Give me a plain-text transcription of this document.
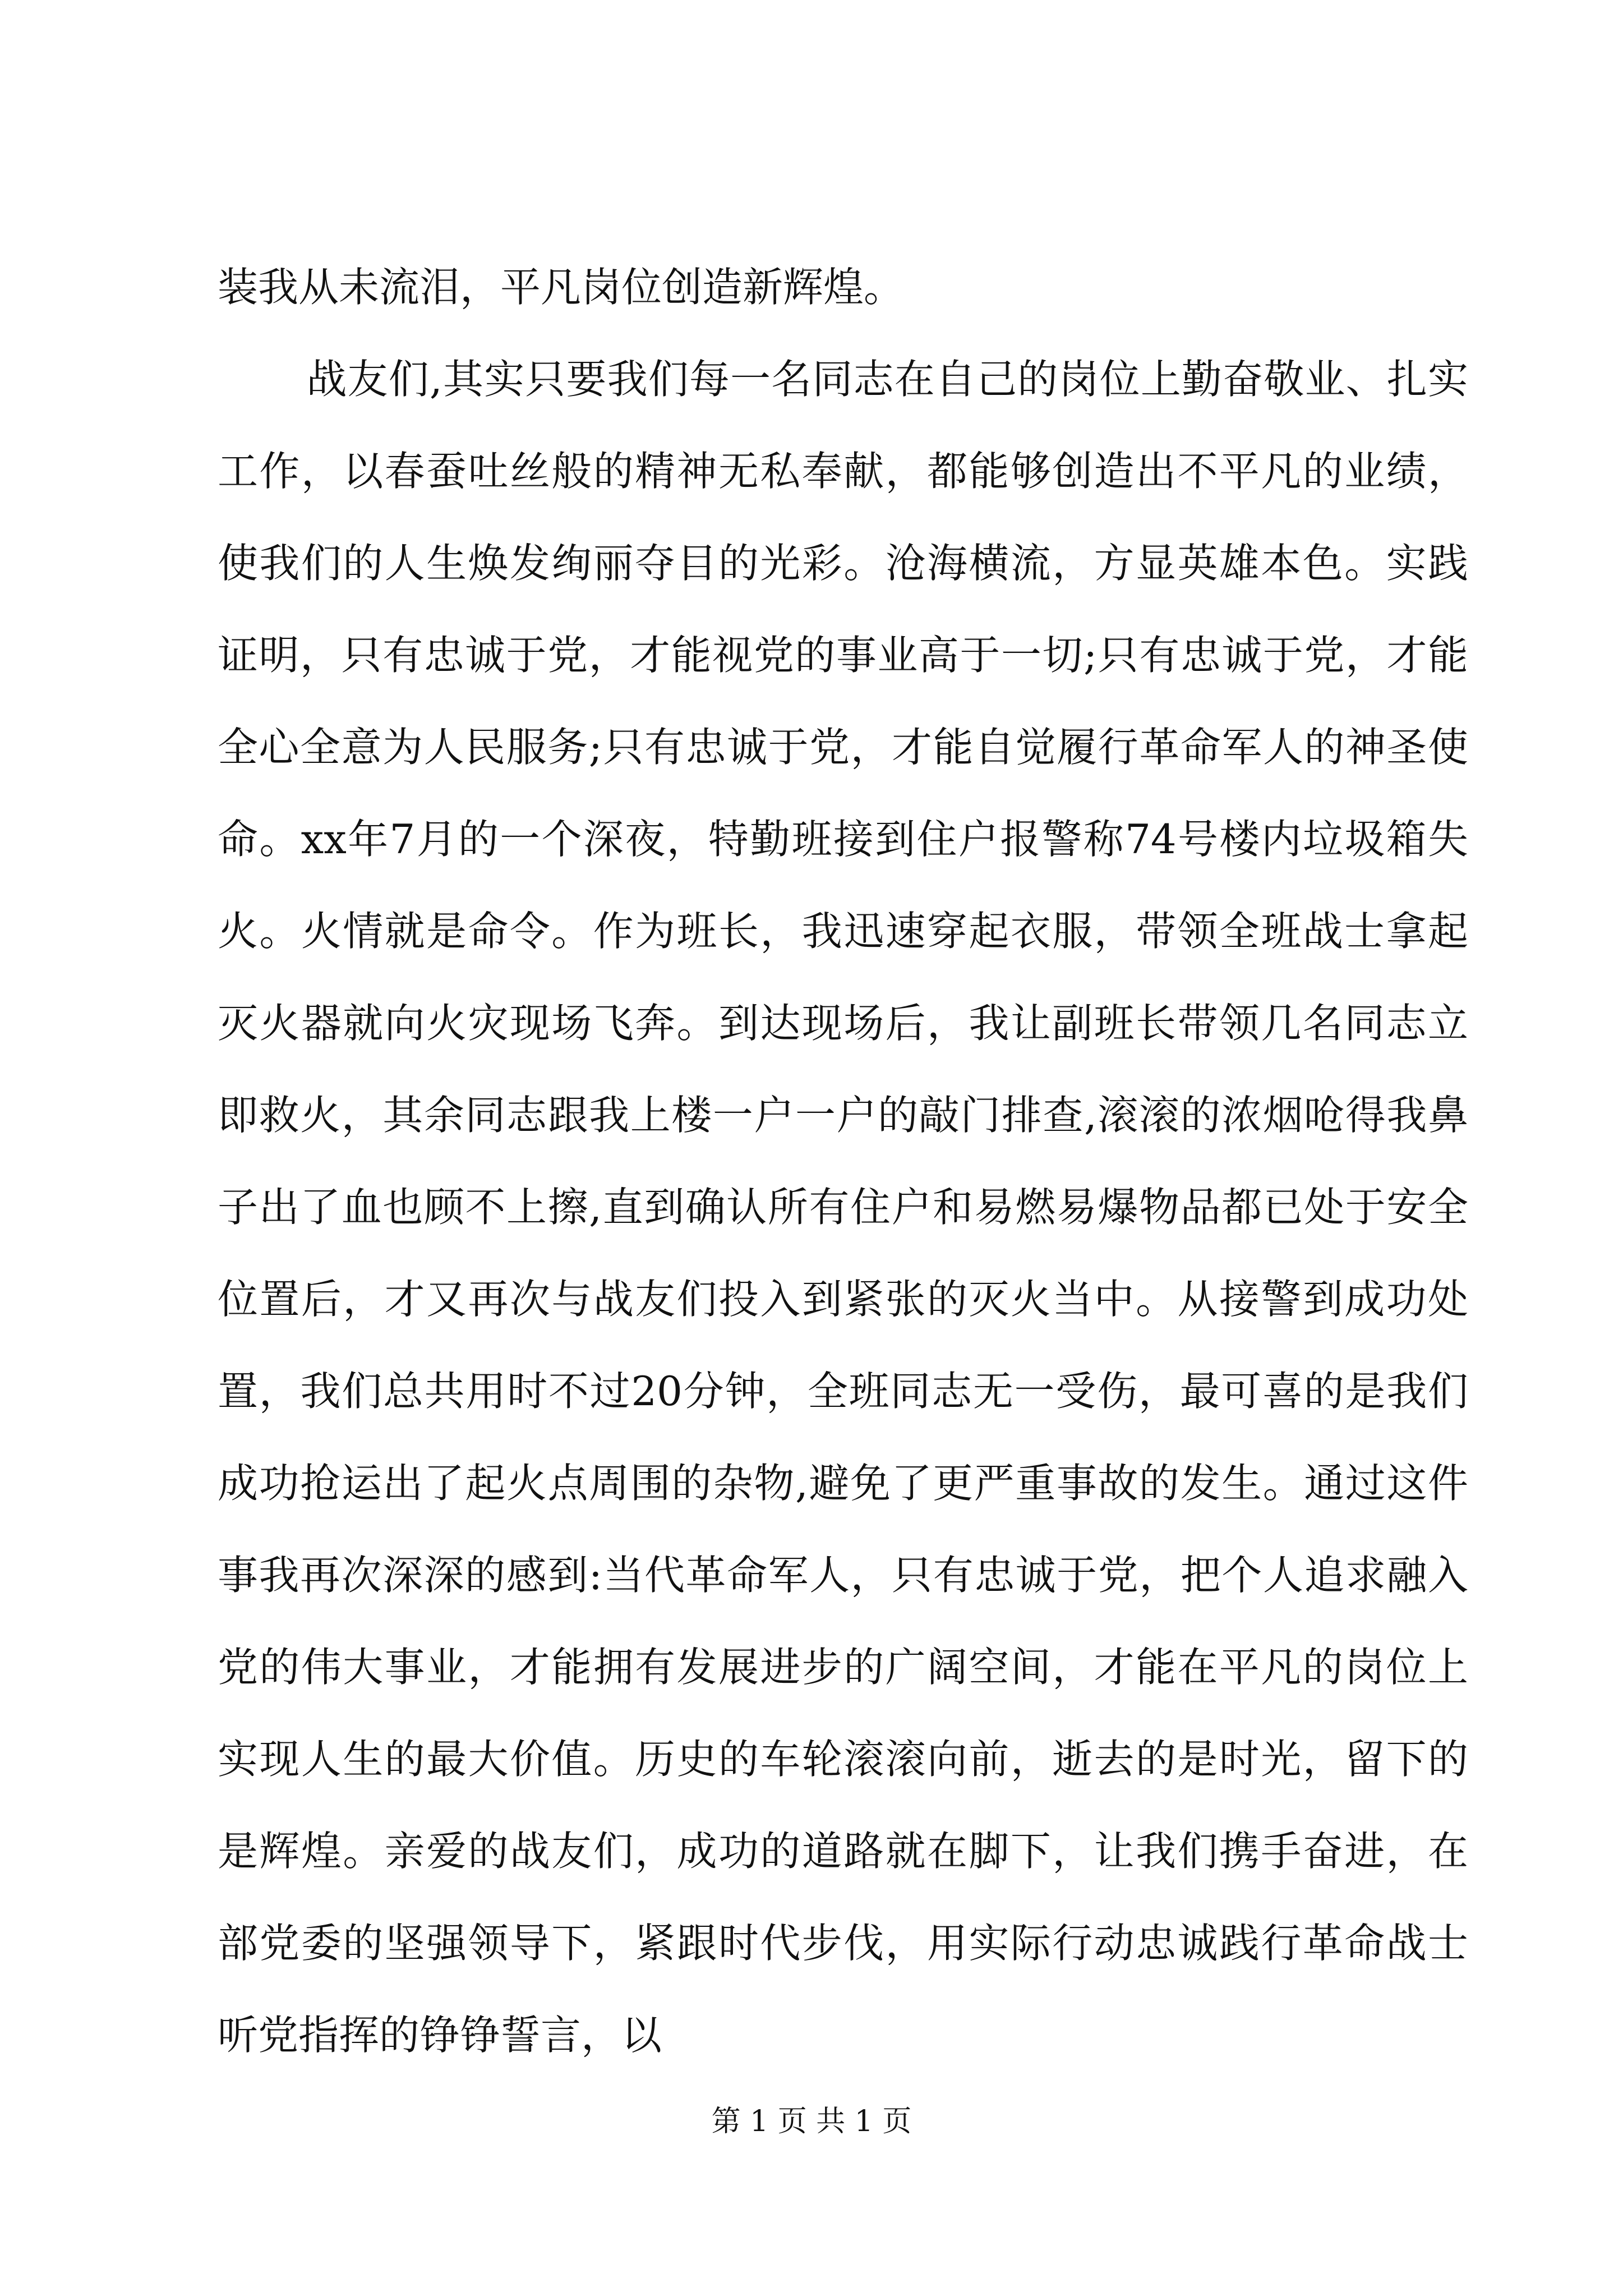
装我从未流泪，平凡岗位创造新辉煌。

战友们,其实只要我们每一名同志在自己的岗位上勤奋敬业、扎实工作，以春蚕吐丝般的精神无私奉献，都能够创造出不平凡的业绩，使我们的人生焕发绚丽夺目的光彩。沧海横流，方显英雄本色。实践证明，只有忠诚于党，才能视党的事业高于一切;只有忠诚于党，才能全心全意为人民服务;只有忠诚于党，才能自觉履行革命军人的神圣使命。xx年7月的一个深夜，特勤班接到住户报警称74号楼内垃圾箱失火。火情就是命令。作为班长，我迅速穿起衣服，带领全班战士拿起灭火器就向火灾现场飞奔。到达现场后，我让副班长带领几名同志立即救火，其余同志跟我上楼一户一户的敲门排查,滚滚的浓烟呛得我鼻子出了血也顾不上擦,直到确认所有住户和易燃易爆物品都已处于安全位置后，才又再次与战友们投入到紧张的灭火当中。从接警到成功处置，我们总共用时不过20分钟，全班同志无一受伤，最可喜的是我们成功抢运出了起火点周围的杂物,避免了更严重事故的发生。通过这件事我再次深深的感到:当代革命军人，只有忠诚于党，把个人追求融入党的伟大事业，才能拥有发展进步的广阔空间，才能在平凡的岗位上实现人生的最大价值。历史的车轮滚滚向前，逝去的是时光，留下的是辉煌。亲爱的战友们，成功的道路就在脚下，让我们携手奋进，在部党委的坚强领导下，紧跟时代步伐，用实际行动忠诚践行革命战士听党指挥的铮铮誓言，以

第 1 页 共 1 页
